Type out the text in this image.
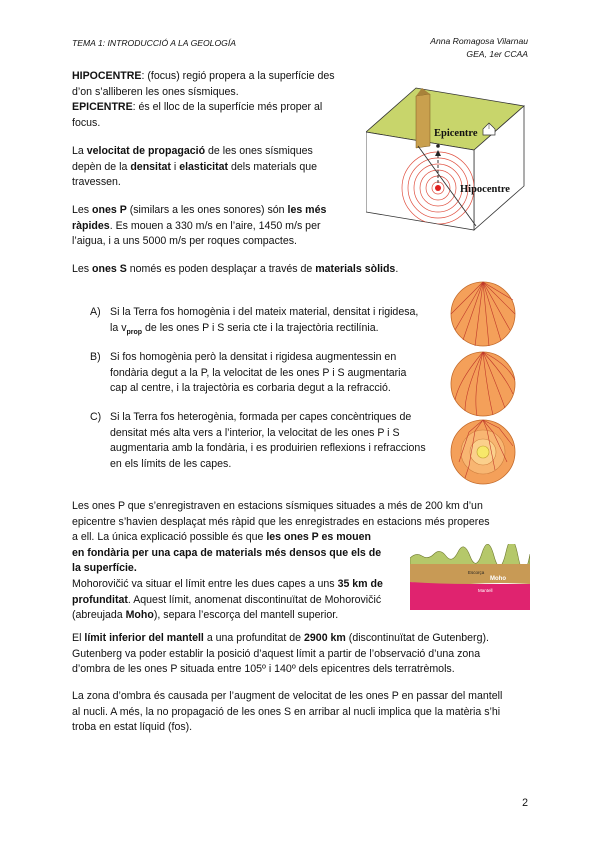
TEMA 1: INTRODUCCIÓ A LA GEOLOGÍA	Anna Romagosa Vilarnau
GEA, 1er CCAA
HIPOCENTRE: (focus) regió propera a la superfície des
d’on s’alliberen les ones sísmiques.
EPICENTRE: és el lloc de la superfície més proper al
focus.
La velocitat de propagació de les ones sísmiques
depèn de la densitat i elasticitat dels materials que
travessen.
Les ones P (similars a les ones sonores) són les més
ràpides. Es mouen a 330 m/s en l’aire, 1450 m/s per
l’aigua, i a uns 5000 m/s per roques compactes.
Les ones S només es poden desplaçar a través de materials sòlids.
Epicentre
Hipocentre
A) Si la Terra fos homogènia i del mateix material, densitat i rigidesa,
la $v_{prop}$ de les ones P i S seria cte i la trajectòria rectilínia.
B) Si fos homogènia però la densitat i rigidesa augmentessin en
fondària degut a la P, la velocitat de les ones P i S augmentaria
cap al centre, i la trajectòria es corbaria degut a la refracció.
C) Si la Terra fos heterogènia, formada per capes concèntriques de
densitat més alta vers a l’interior, la velocitat de les ones P i S
augmentaria amb la fondària, i es produirien reflexions i refraccions
en els límits de les capes.
Les ones P que s’enregistraven en estacions sísmiques situades a més de 200 km d’un
epicentre s’havien desplaçat més ràpid que les enregistrades en estacions més properes
a ell. La única explicació possible és que les ones P es mouen
en fondària per una capa de materials més densos que els de
la superfície.
Mohorovičić va situar el límit entre les dues capes a uns 35 km de
profunditat. Aquest límit, anomenat discontinuïtat de Mohorovičić
(abreujada Moho), separa l’escorça del mantell superior.
Escorça
Moho
Mantell
El límit inferior del mantell a una profunditat de 2900 km (discontinuïtat de Gutenberg).
Gutenberg va poder establir la posició d’aquest límit a partir de l’observació d’una zona
d’ombra de les ones P situada entre 105º i 140º dels epicentres dels terratrèmols.
La zona d’ombra és causada per l’augment de velocitat de les ones P en passar del mantell
al nucli. A més, la no propagació de les ones S en arribar al nucli implica que la matèria s’hi
troba en estat líquid (fos).
2
